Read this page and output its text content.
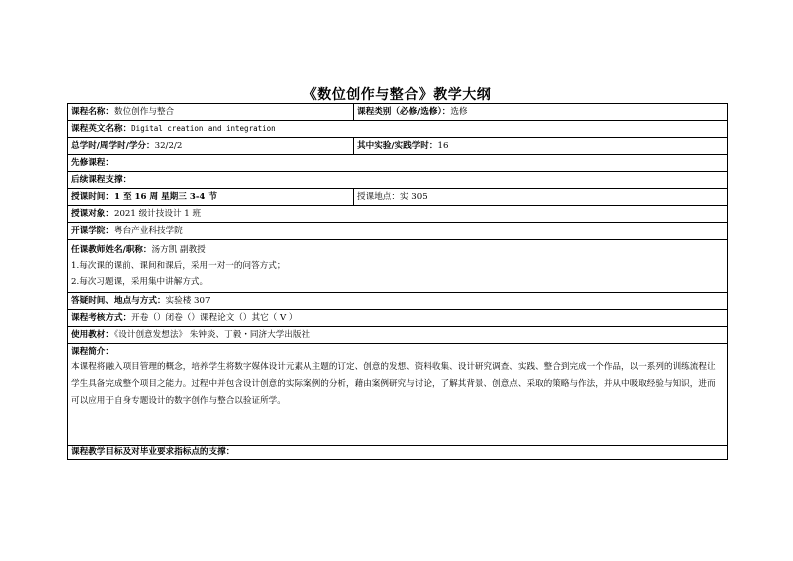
《数位创作与整合》教学大纲
课程名称：数位创作与整合	课程类别（必修/选修）：选修
课程英文名称：Digital creation and integration	
总学时/周学时/学分：32/2/2	其中实验/实践学时：16
先修课程：	
后续课程支撑：	
授课时间：1 至 16 周 星期三 3-4 节	授课地点：实 305
授课对象：2021 级计技设计 1 班	
开课学院：粤台产业科技学院	

任课教师姓名/职称：汤方凯 副教授
1.每次课的课前、课间和课后，采用一对一的问答方式；
2.每次习题课，采用集中讲解方式。	

答疑时间、地点与方式：实验楼 307	
课程考核方式：开卷（）闭卷（）课程论文（）其它（ V ）	
使用教材：《设计创意发想法》 朱钟炎、丁毅・同济大学出版社	

课程简介：
本课程将融入项目管理的概念，培养学生将数字媒体设计元素从主题的订定、创意的发想、资料收集、设计研究调查、实践、整合到完成一个作品，以一系列的训练流程让学生具备完成整个项目之能力。过程中并包含设计创意的实际案例的分析，藉由案例研究与讨论，了解其背景、创意点、采取的策略与作法，并从中吸取经验与知识，进而可以应用于自身专题设计的数字创作与整合以验证所学。	

课程教学目标及对毕业要求指标点的支撑：	
